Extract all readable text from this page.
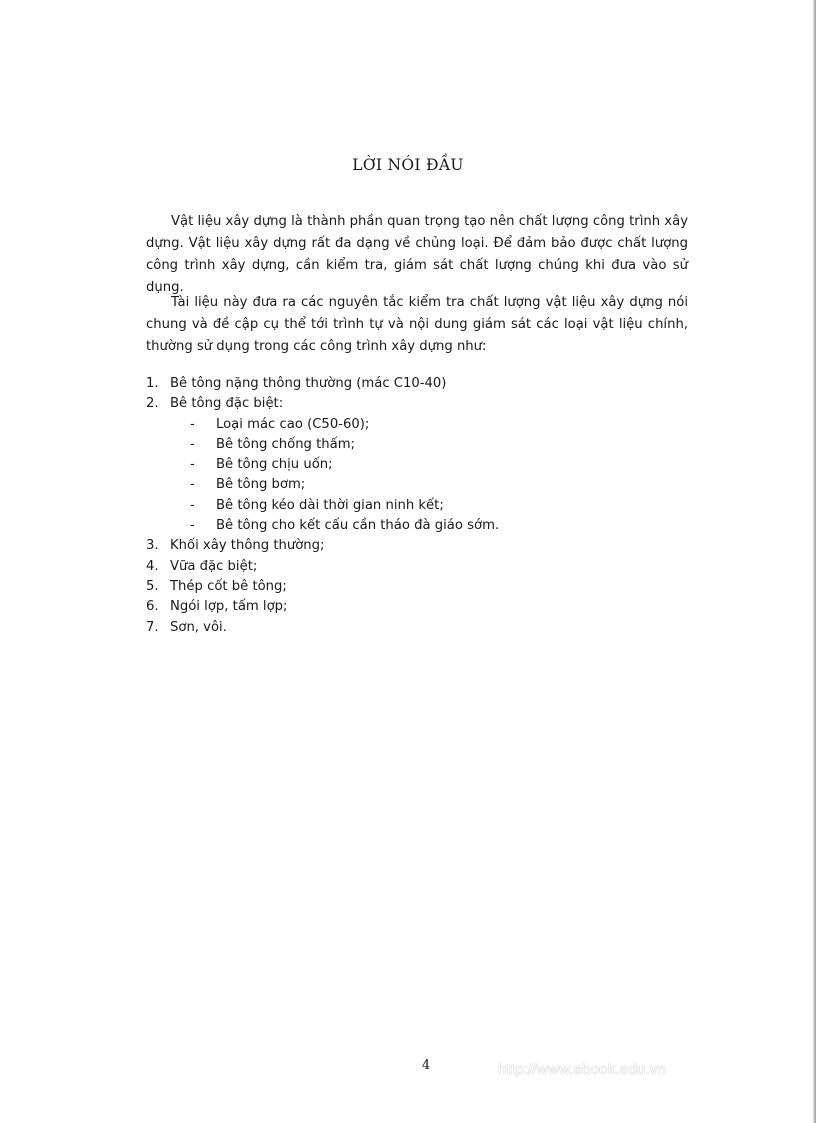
LỜI NÓI ĐẦU

Vật liệu xây dựng là thành phần quan trọng tạo nên chất lượng công trình xây dựng. Vật liệu xây dựng rất đa dạng về chủng loại. Để đảm bảo được chất lượng công trình xây dựng, cần kiểm tra, giám sát chất lượng chúng khi đưa vào sử dụng.

Tài liệu này đưa ra các nguyên tắc kiểm tra chất lượng vật liệu xây dựng nói chung và đề cập cụ thể tới trình tự và nội dung giám sát các loại vật liệu chính, thường sử dụng trong các công trình xây dựng như:

1. Bê tông nặng thông thường (mác C10-40)
2. Bê tông đặc biệt:
- Loại mác cao (C50-60);
- Bê tông chống thấm;
- Bê tông chịu uốn;
- Bê tông bơm;
- Bê tông kéo dài thời gian ninh kết;
- Bê tông cho kết cấu cần tháo đà giáo sớm.
3. Khối xây thông thường;
4. Vữa đặc biệt;
5. Thép cốt bê tông;
6. Ngói lợp, tấm lợp;
7. Sơn, vôi.
4	http://www.ebook.edu.vn
